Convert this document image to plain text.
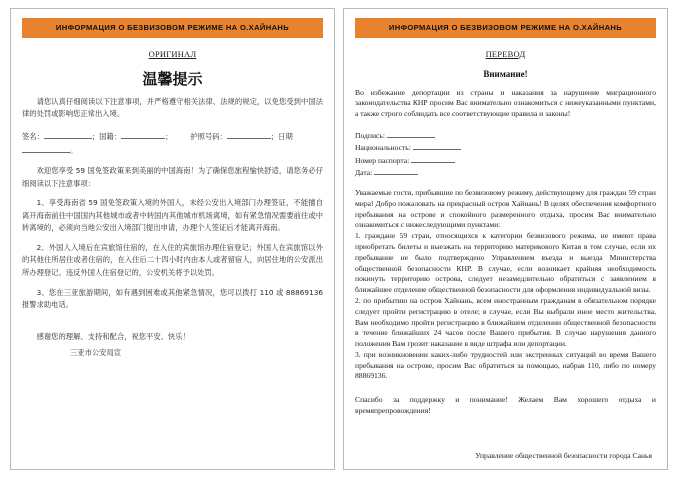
ИНФОРМАЦИЯ О БЕЗВИЗОВОМ РЕЖИМЕ НА О.ХАЙНАНЬ
ОРИГИНАЛ
温馨提示

请您认真仔细阅读以下注意事项，并严格遵守相关法律、法规的规定，以免您受到中国法律的处罚或影响您正常出入境。

签名：	；国籍：	； 护照号码：	；日期
。

欢迎您享受 59 国免签政策来到美丽的中国海南！为了确保您旅程愉快舒适，请您务必仔细阅读以下注意事项：

1、享受海南省 59 国免签政策入境的外国人，未经公安出入境部门办理签证，不能擅自离开海南前往中国国内其他城市或者中转国内其他城市机场离境，如有紧急情况需要前往或中转离境的，必须向当地公安出入境部门提出申请，办理个人签证后才能离开海南。

2、外国人入境后在宾旅馆住宿的，在入住的宾旅馆办理住宿登记；外国人在宾旅馆以外的其他住所居住或者住宿的，在入住后二十四小时内由本人或者留宿人，向居住地的公安派出所办理登记。违反外国人住宿登记的，公安机关将予以处罚。

3、您在三亚旅游期间，如有遇到困难或其他紧急情况，您可以拨打 110 或 88869136 报警求助电话。

感谢您的理解、支持和配合，祝您平安、快乐！

三亚市公安局宣

ИНФОРМАЦИЯ О БЕЗВИЗОВОМ РЕЖИМЕ НА О.ХАЙНАНЬ
ПЕРЕВОД
Внимание!

Во избежание депортации из страны и наказания за нарушение миграционного законодательства КНР просим Вас внимательно ознакомиться с нижеуказанными пунктами, а также строго соблюдать все соответствующие правила и законы!

Подпись:
Национальность:
Номер паспорта:
Дата:

Уважаемые гости, прибывшие по безвизовому режиму, действующему для граждан 59 стран мира! Добро пожаловать на прекрасный остров Хайнань! В целях обеспечения комфортного пребывания на острове и спокойного размеренного отдыха, просим Вас внимательно ознакомиться с нижеследующими пунктами:

1. граждане 59 стран, относящихся к категории безвизового режима, не имеют права приобретать билеты и выезжать на территорию материкового Китая в том случае, если их пребывание не было подтверждено Управлением въезда и выезда Министерства общественной безопасности КНР. В случае, если возникает крайняя необходимость покинуть территорию острова, следует незамедлительно обратиться с заявлением в ближайшее отделение общественной безопасности для оформления индивидуальной визы.

2. по прибытию на остров Хайнань, всем иностранным гражданам в обязательном порядке следует пройти регистрацию в отеле; в случае, если Вы выбрали иное место жительства, Вам необходимо пройти регистрацию в ближайшем отделении общественной безопасности в течение ближайших 24 часов после Вашего прибытия. В случае нарушения данного положения Вам грозит наказание в виде штрафа или депортации.

3. при возникновении каких-либо трудностей или экстренных ситуаций во время Вашего пребывания на острове, просим Вас обратиться за помощью, набрав 110, либо по номеру 88869136.

Спасибо за поддержку и понимание! Желаем Вам хорошего отдыха и времяпрепровождения!

Управление общественной безопасности города Санья
